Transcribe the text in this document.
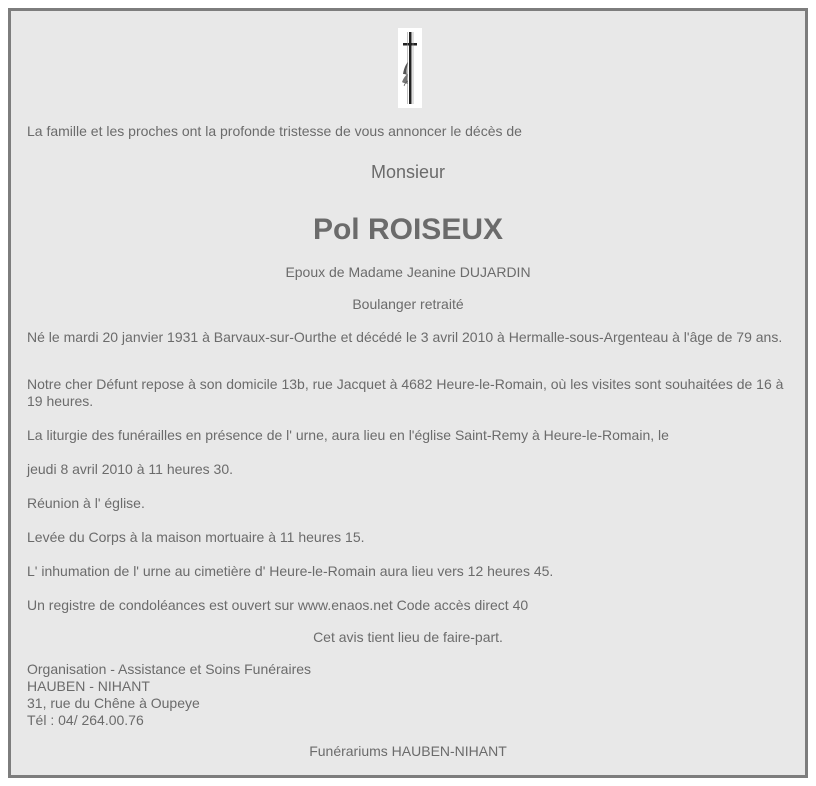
La famille et les proches ont la profonde tristesse de vous annoncer le décès de
Monsieur
Pol ROISEUX
Epoux de Madame Jeanine DUJARDIN
Boulanger retraité
Né le mardi 20 janvier 1931 à Barvaux-sur-Ourthe et décédé le 3 avril 2010 à Hermalle-sous-Argenteau à l'âge de 79 ans.
Notre cher Défunt repose à son domicile 13b, rue Jacquet à 4682 Heure-le-Romain, où les visites sont souhaitées de 16 à 19 heures.
La liturgie des funérailles en présence de l' urne, aura lieu en l'église Saint-Remy à Heure-le-Romain, le
jeudi 8 avril 2010 à 11 heures 30.
Réunion à l' église.
Levée du Corps à la maison mortuaire à 11 heures 15.
L' inhumation de l' urne au cimetière d' Heure-le-Romain aura lieu vers 12 heures 45.
Un registre de condoléances est ouvert sur www.enaos.net Code accès direct 40
Cet avis tient lieu de faire-part.
Organisation - Assistance et Soins Funéraires
HAUBEN - NIHANT
31, rue du Chêne à Oupeye
Tél : 04/ 264.00.76
Funérariums HAUBEN-NIHANT
